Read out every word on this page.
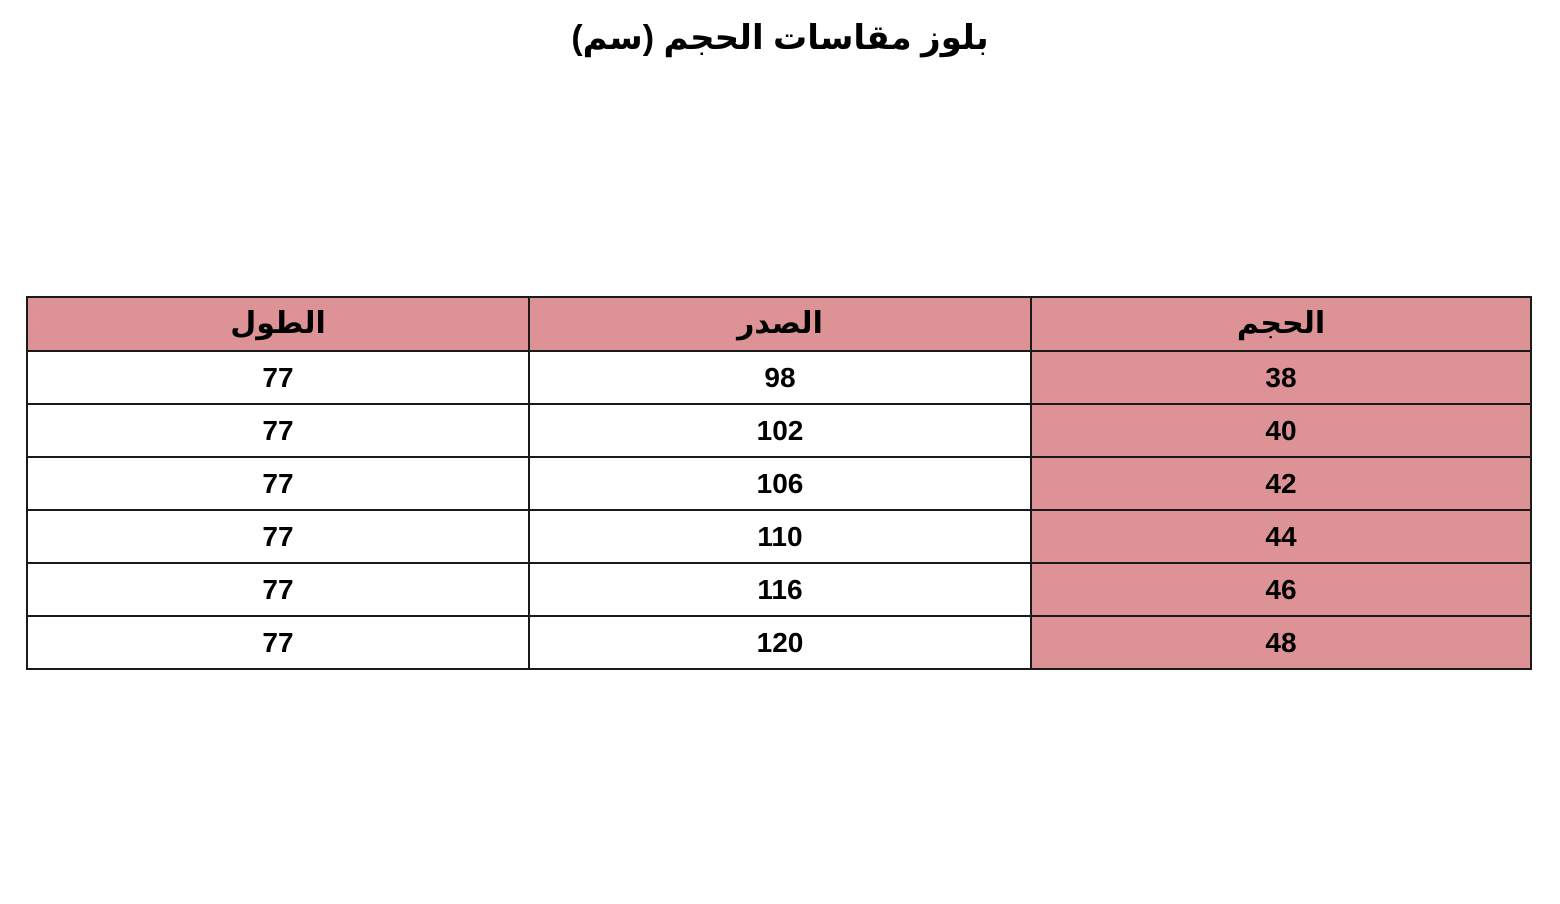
بلوز مقاسات الحجم (سم)
الحجم	الصدر	الطول
38	98	77
40	102	77
42	106	77
44	110	77
46	116	77
48	120	77
